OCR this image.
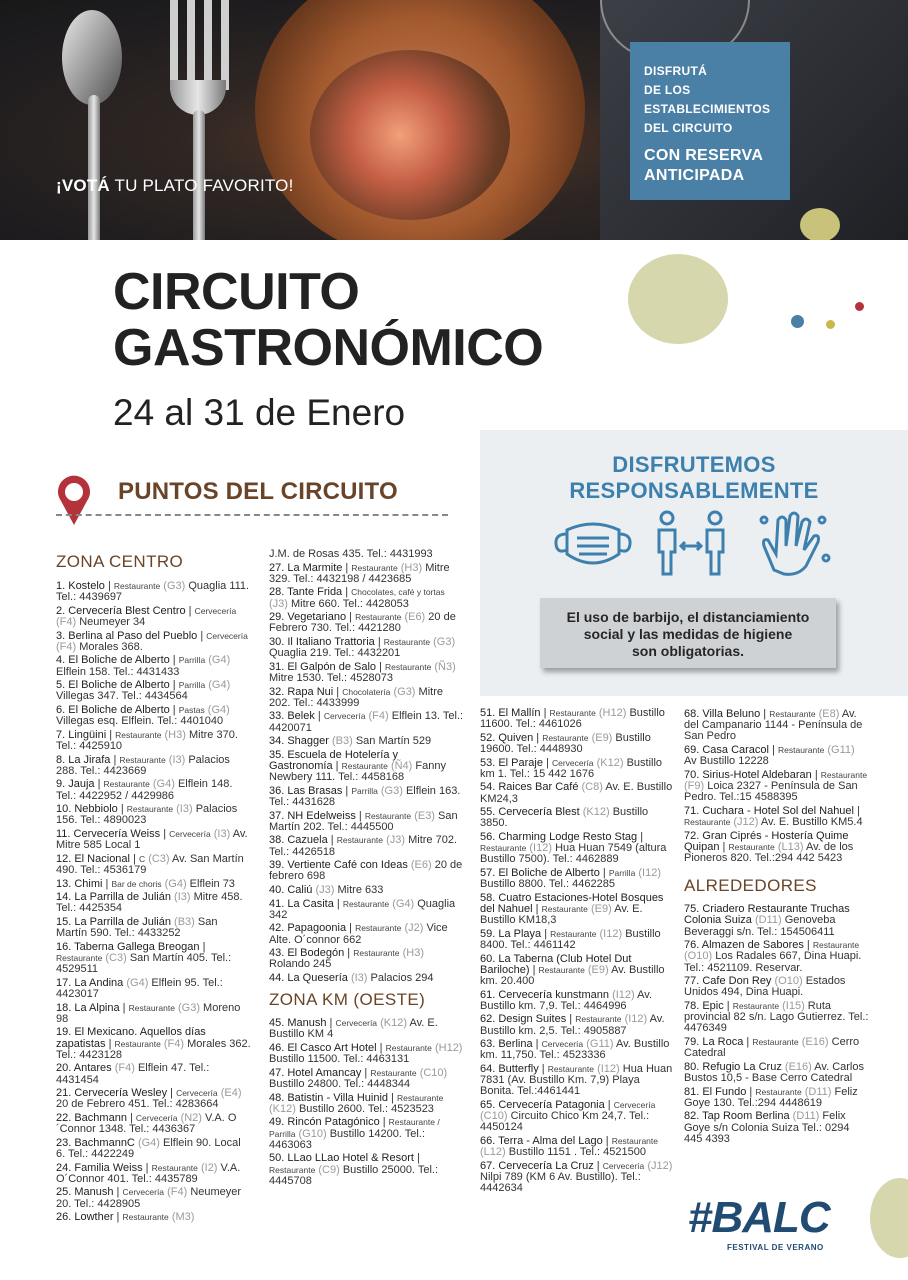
¡VOTÁ TU PLATO FAVORITO!
DISFRUTÁ
DE LOS
ESTABLECIMIENTOS
DEL CIRCUITO
CON RESERVA
ANTICIPADA
CIRCUITO
GASTRONÓMICO
24 al 31 de Enero
PUNTOS DEL CIRCUITO
DISFRUTEMOS
RESPONSABLEMENTE
El uso de barbijo, el distanciamiento
social y las medidas de higiene
son obligatorias.
ZONA CENTRO
1. Kostelo | Restaurante (G3) Quaglia 111. Tel.: 4439697
2. Cervecería Blest Centro | Cervecería (F4) Neumeyer 34
3. Berlina al Paso del Pueblo | Cervecería (F4) Morales 368.
4. El Boliche de Alberto | Parrilla (G4) Elflein 158. Tel.: 4431433
5. El Boliche de Alberto | Parrilla (G4) Villegas 347. Tel.: 4434564
6. El Boliche de Alberto | Pastas (G4) Villegas esq. Elflein. Tel.: 4401040
7. Lingüini | Restaurante (H3) Mitre 370. Tel.: 4425910
8. La Jirafa | Restaurante (I3) Palacios 288. Tel.: 4423669
9. Jauja | Restaurante (G4) Elflein 148. Tel.: 4422952 / 4429986
10. Nebbiolo | Restaurante (I3) Palacios 156. Tel.: 4890023
11. Cervecería Weiss | Cervecería (I3) Av. Mitre 585 Local 1
12. El Nacional | C (C3) Av. San Martín 490. Tel.: 4536179
13. Chimi | Bar de choris (G4) Elflein 73
14. La Parrilla de Julián (I3) Mitre 458. Tel.: 4425354
15. La Parrilla de Julián (B3) San Martín 590. Tel.: 4433252
16. Taberna Gallega Breogan | Restaurante (C3) San Martín 405. Tel.: 4529511
17. La Andina (G4) Elflein 95. Tel.: 4423017
18. La Alpina | Restaurante (G3) Moreno 98
19. El Mexicano. Aquellos días zapatistas | Restaurante (F4) Morales 362. Tel.: 4423128
20. Antares (F4) Elflein 47. Tel.: 4431454
21. Cervecería Wesley | Cervecería (E4) 20 de Febrero 451. Tel.: 4283664
22. Bachmann | Cervecería (N2) V.A. O´Connor 1348. Tel.: 4436367
23. BachmannC (G4) Elflein 90. Local 6. Tel.: 4422249
24. Familia Weiss | Restaurante (I2) V.A. O´Connor 401. Tel.: 4435789
25. Manush | Cervecería (F4) Neumeyer 20. Tel.: 4428905
26. Lowther | Restaurante (M3)
J.M. de Rosas 435. Tel.: 4431993
27. La Marmite | Restaurante (H3) Mitre 329. Tel.: 4432198 / 4423685
28. Tante Frida | Chocolates, café y tortas (J3) Mitre 660. Tel.: 4428053
29. Vegetariano | Restaurante (E6) 20 de Febrero 730. Tel.: 4421280
30. Il Italiano Trattoria | Restaurante (G3) Quaglia 219. Tel.: 4432201
31. El Galpón de Salo | Restaurante (Ñ3) Mitre 1530. Tel.: 4528073
32. Rapa Nui | Chocolatería (G3) Mitre 202. Tel.: 4433999
33. Belek | Cervecería (F4) Elflein 13. Tel.: 4420071
34. Shagger (B3) San Martín 529
35. Escuela de Hotelería y Gastronomía | Restaurante (Ñ4) Fanny Newbery 111. Tel.: 4458168
36. Las Brasas | Parrilla (G3) Elflein 163. Tel.: 4431628
37. NH Edelweiss | Restaurante (E3) San Martín 202. Tel.: 4445500
38. Cazuela | Restaurante (J3) Mitre 702. Tel.: 4426518
39. Vertiente Café con Ideas (E6) 20 de febrero 698
40. Caliú (J3) Mitre 633
41. La Casita | Restaurante (G4) Quaglia 342
42. Papagoonia | Restaurante (J2) Vice Alte. O´connor 662
43. El Bodegón | Restaurante (H3) Rolando 245
44. La Quesería (I3) Palacios 294
ZONA KM (OESTE)
45. Manush | Cervecería (K12) Av. E. Bustillo KM 4
46. El Casco Art Hotel | Restaurante (H12) Bustillo 11500. Tel.: 4463131
47. Hotel Amancay | Restaurante (C10) Bustillo 24800. Tel.: 4448344
48. Batistin - Villa Huinid | Restaurante (K12) Bustillo 2600. Tel.: 4523523
49. Rincón Patagónico | Restaurante / Parrilla (G10) Bustillo 14200. Tel.: 4463063
50. LLao LLao Hotel & Resort | Restaurante (C9) Bustillo 25000. Tel.: 4445708
51. El Mallín | Restaurante (H12) Bustillo 11600. Tel.: 4461026
52. Quiven | Restaurante (E9) Bustillo 19600. Tel.: 4448930
53. El Paraje | Cervecería (K12) Bustillo km 1. Tel.: 15 442 1676
54. Raices Bar Café (C8) Av. E. Bustillo KM24,3
55. Cervecería Blest (K12) Bustillo 3850.
56. Charming Lodge Resto Stag | Restaurante (I12) Hua Huan 7549 (altura Bustillo 7500). Tel.: 4462889
57. El Boliche de Alberto | Parrilla (I12) Bustillo 8800. Tel.: 4462285
58. Cuatro Estaciones-Hotel Bosques del Nahuel | Restaurante (E9) Av. E. Bustillo KM18,3
59. La Playa | Restaurante (I12) Bustillo 8400. Tel.: 4461142
60. La Taberna (Club Hotel Dut Bariloche) | Restaurante (E9) Av. Bustillo km. 20.400
61. Cervecería kunstmann (I12) Av. Bustillo km. 7,9. Tel.: 4464996
62. Design Suites | Restaurante (I12) Av. Bustillo km. 2,5. Tel.: 4905887
63. Berlina | Cervecería (G11) Av. Bustillo km. 11,750. Tel.: 4523336
64. Butterfly | Restaurante (I12) Hua Huan 7831 (Av. Bustillo Km. 7,9) Playa Bonita. Tel.:4461441
65. Cervecería Patagonia | Cervecería (C10) Circuito Chico Km 24,7. Tel.: 4450124
66. Terra - Alma del Lago | Restaurante (L12) Bustillo 1151 . Tel.: 4521500
67. Cervecería La Cruz | Cervecería (J12) Nilpi 789 (KM 6 Av. Bustillo). Tel.: 4442634
68. Villa Beluno | Restaurante (E8) Av. del Campanario 1144 - Península de San Pedro
69. Casa Caracol | Restaurante (G11) Av Bustillo 12228
70. Sirius-Hotel Aldebaran | Restaurante (F9) Loica 2327 - Península de San Pedro. Tel.:15 4588395
71. Cuchara - Hotel Sol del Nahuel | Restaurante (J12) Av. E. Bustillo KM5.4
72. Gran Ciprés - Hostería Quime Quipan | Restaurante (L13) Av. de los Pioneros 820. Tel.:294 442 5423
ALREDEDORES
75. Criadero Restaurante Truchas Colonia Suiza (D11) Genoveba Beveraggi s/n. Tel.: 154506411
76. Almazen de Sabores | Restaurante (O10) Los Radales 667, Dina Huapi. Tel.: 4521109. Reservar.
77. Cafe Don Rey (O10) Estados Unidos 494, Dina Huapi.
78. Epic | Restaurante (I15) Ruta provincial 82 s/n. Lago Gutierrez. Tel.: 4476349
79. La Roca | Restaurante (E16) Cerro Catedral
80. Refugio La Cruz (E16) Av. Carlos Bustos 10,5 - Base Cerro Catedral
81. El Fundo | Restaurante (D11) Feliz Goye 130. Tel.:294 4448619
82. Tap Room Berlina (D11) Felix Goye s/n Colonia Suiza Tel.: 0294 445 4393
#BALC
FESTIVAL DE VERANO
